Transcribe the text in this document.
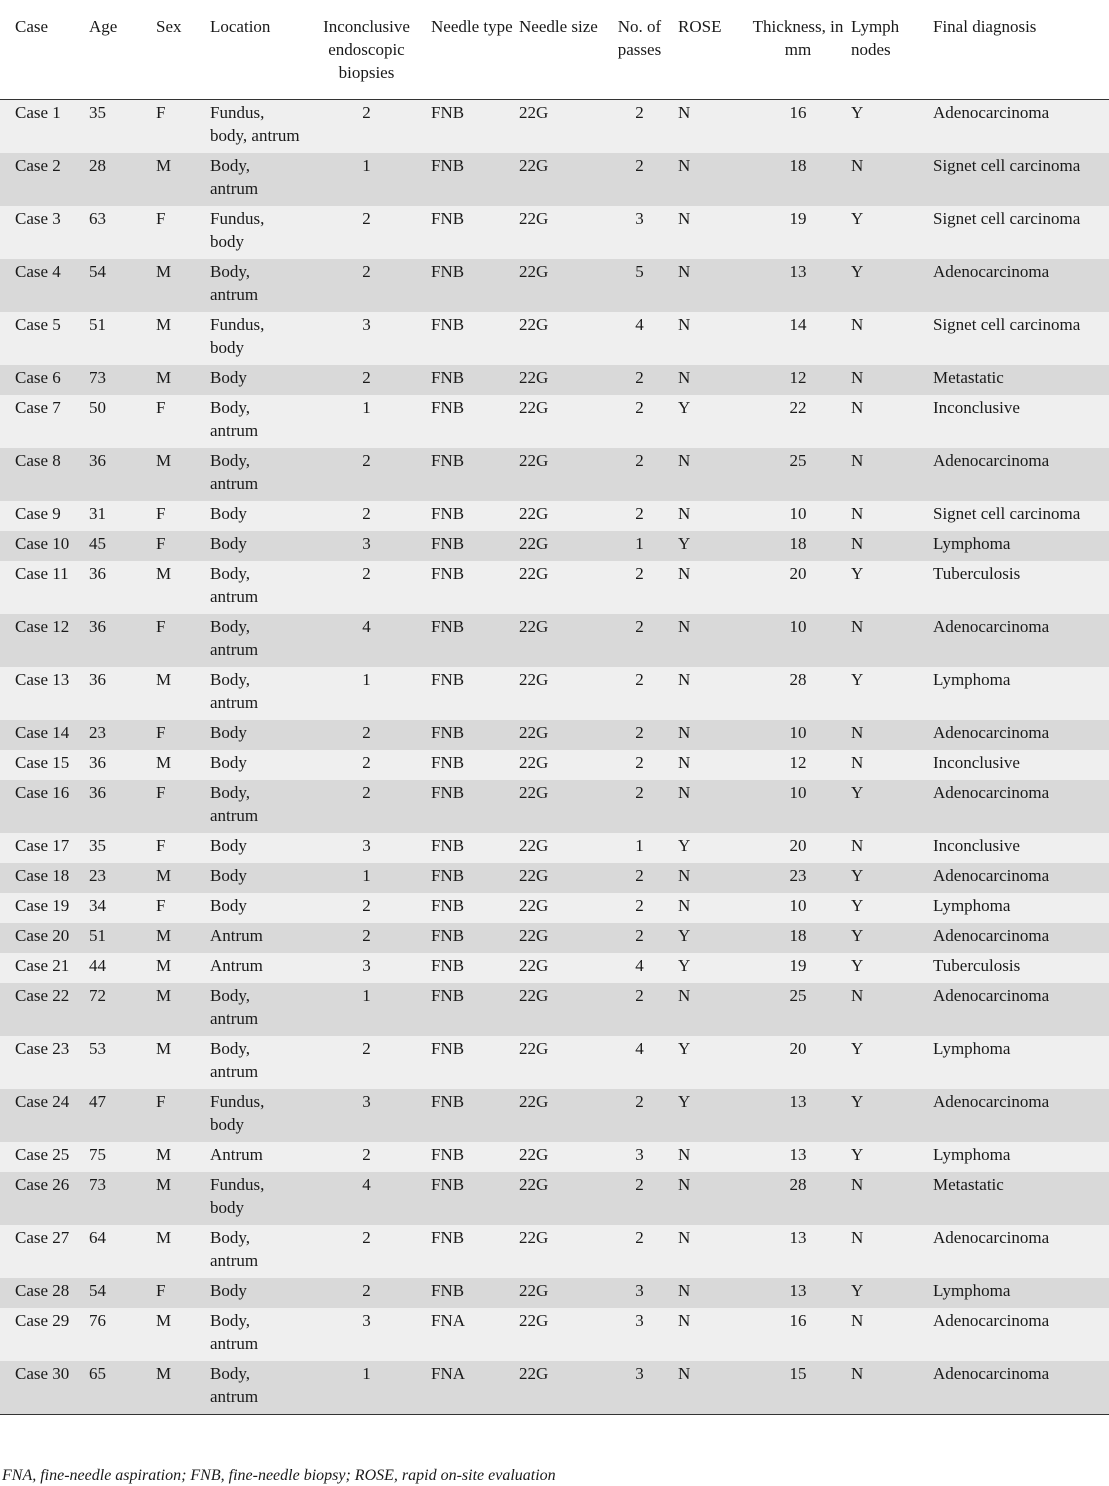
Case	Age	Sex	Location	Inconclusive endoscopic biopsies	Needle type	Needle size	No. of passes	ROSE	Thickness, in mm	Lymph nodes	Final diagnosis
Case 1	35	F	Fundus, body, antrum	2	FNB	22G	2	N	16	Y	Adenocarcinoma
Case 2	28	M	Body, antrum	1	FNB	22G	2	N	18	N	Signet cell carcinoma
Case 3	63	F	Fundus, body	2	FNB	22G	3	N	19	Y	Signet cell carcinoma
Case 4	54	M	Body, antrum	2	FNB	22G	5	N	13	Y	Adenocarcinoma
Case 5	51	M	Fundus, body	3	FNB	22G	4	N	14	N	Signet cell carcinoma
Case 6	73	M	Body	2	FNB	22G	2	N	12	N	Metastatic
Case 7	50	F	Body, antrum	1	FNB	22G	2	Y	22	N	Inconclusive
Case 8	36	M	Body, antrum	2	FNB	22G	2	N	25	N	Adenocarcinoma
Case 9	31	F	Body	2	FNB	22G	2	N	10	N	Signet cell carcinoma
Case 10	45	F	Body	3	FNB	22G	1	Y	18	N	Lymphoma
Case 11	36	M	Body, antrum	2	FNB	22G	2	N	20	Y	Tuberculosis
Case 12	36	F	Body, antrum	4	FNB	22G	2	N	10	N	Adenocarcinoma
Case 13	36	M	Body, antrum	1	FNB	22G	2	N	28	Y	Lymphoma
Case 14	23	F	Body	2	FNB	22G	2	N	10	N	Adenocarcinoma
Case 15	36	M	Body	2	FNB	22G	2	N	12	N	Inconclusive
Case 16	36	F	Body, antrum	2	FNB	22G	2	N	10	Y	Adenocarcinoma
Case 17	35	F	Body	3	FNB	22G	1	Y	20	N	Inconclusive
Case 18	23	M	Body	1	FNB	22G	2	N	23	Y	Adenocarcinoma
Case 19	34	F	Body	2	FNB	22G	2	N	10	Y	Lymphoma
Case 20	51	M	Antrum	2	FNB	22G	2	Y	18	Y	Adenocarcinoma
Case 21	44	M	Antrum	3	FNB	22G	4	Y	19	Y	Tuberculosis
Case 22	72	M	Body, antrum	1	FNB	22G	2	N	25	N	Adenocarcinoma
Case 23	53	M	Body, antrum	2	FNB	22G	4	Y	20	Y	Lymphoma
Case 24	47	F	Fundus, body	3	FNB	22G	2	Y	13	Y	Adenocarcinoma
Case 25	75	M	Antrum	2	FNB	22G	3	N	13	Y	Lymphoma
Case 26	73	M	Fundus, body	4	FNB	22G	2	N	28	N	Metastatic
Case 27	64	M	Body, antrum	2	FNB	22G	2	N	13	N	Adenocarcinoma
Case 28	54	F	Body	2	FNB	22G	3	N	13	Y	Lymphoma
Case 29	76	M	Body, antrum	3	FNA	22G	3	N	16	N	Adenocarcinoma
Case 30	65	M	Body, antrum	1	FNA	22G	3	N	15	N	Adenocarcinoma
FNA, fine-needle aspiration; FNB, fine-needle biopsy; ROSE, rapid on-site evaluation
